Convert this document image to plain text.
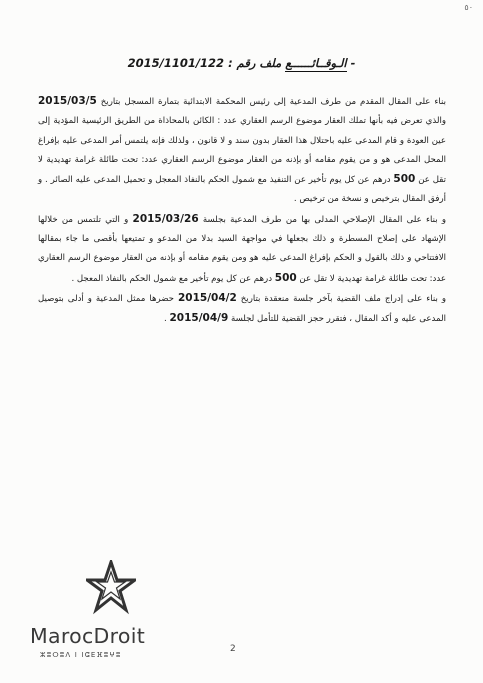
٥٠
الـوقــائــــــع ملف رقم : 2015/1101/122 -

بناء على المقال المقدم من طرف المدعية إلى رئيس المحكمة الابتدائية بتمارة المسجل بتاريخ 2015/03/5 والذي تعرض فيه بأنها تملك العقار موضوع الرسم العقاري عدد : الكائن بالمحاذاة من الطريق الرئيسية المؤدية إلى عين العودة و قام المدعى عليه باحتلال هذا العقار بدون سند و لا قانون ، ولذلك فإنه يلتمس أمر المدعى عليه بإفراغ المحل المدعى هو و من يقوم مقامه أو بإذنه من العقار موضوع الرسم العقاري عدد: تحت طائلة غرامة تهديدية لا تقل عن 500 درهم عن كل يوم تأخير عن التنفيذ مع شمول الحكم بالنفاذ المعجل و تحميل المدعى عليه الصائر . و أرفق المقال بترخيص و نسخة من ترخيص .

و بناء على المقال الإصلاحي المدلى بها من طرف المدعية بجلسة 2015/03/26 و التي تلتمس من خلالها الإشهاد على إصلاح المسطرة و ذلك بجعلها في مواجهة السيد بدلا من المدعو و تمتيعها بأقصى ما جاء بمقالها الافتتاحي و ذلك بالقول و الحكم بإفراغ المدعى عليه هو ومن يقوم مقامه أو بإذنه من العقار موضوع الرسم العقاري عدد: تحت طائلة غرامة تهديدية لا تقل عن 500 درهم عن كل يوم تأخير مع شمول الحكم بالنفاذ المعجل .

و بناء على إدراج ملف القضية بآخر جلسة منعقدة بتاريخ 2015/04/2 حضرها ممثل المدعية و أدلى بتوصيل المدعى عليه و أكد المقال ، فتقرر حجز القضية للتأمل لجلسة 2015/04/9 .

MarocDroit
ⵣⵓⵔⵓⴷ ⵏ ⵏⵛⴹⴼⵓⵖⵓ
2
